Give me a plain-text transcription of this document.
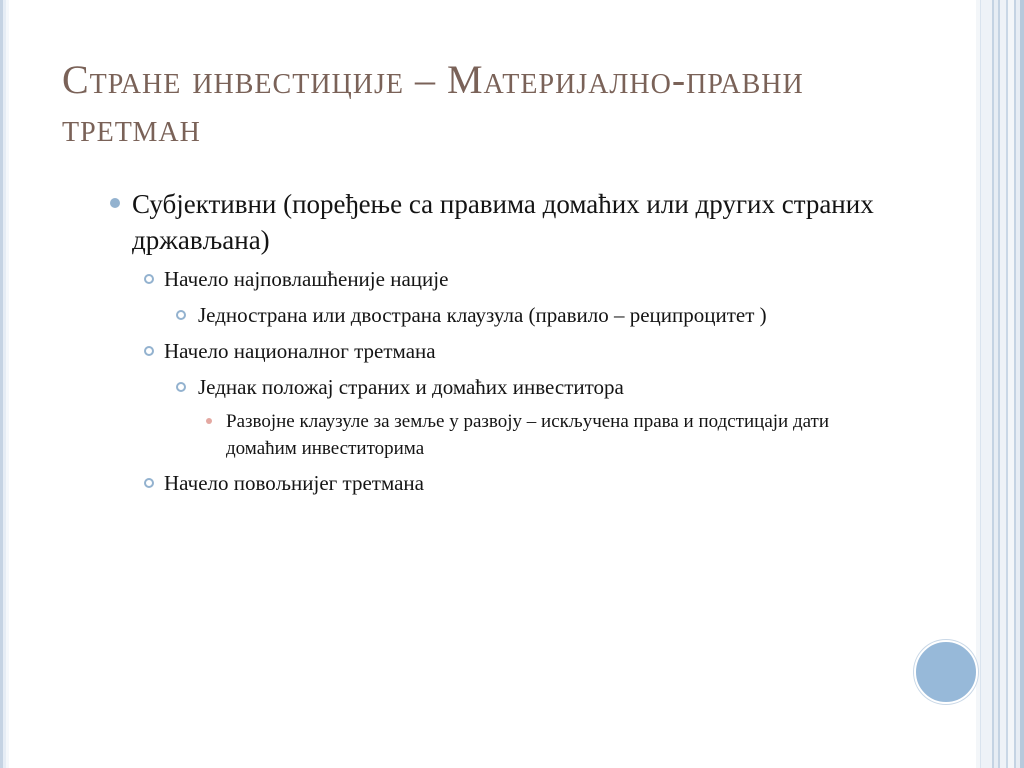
Стране инвестиције – Материјално-правни третман
Субјективни (поређење са правима домаћих или других страних држављана)
Начело најповлашћеније нације
Једнострана или двострана клаузула (правило – реципроцитет )
Начело националног третмана
Једнак положај страних и домаћих инвеститора
Развојне клаузуле за земље у развоју – искључена права и подстицаји дати домаћим инвеститорима
Начело повољнијег третмана
